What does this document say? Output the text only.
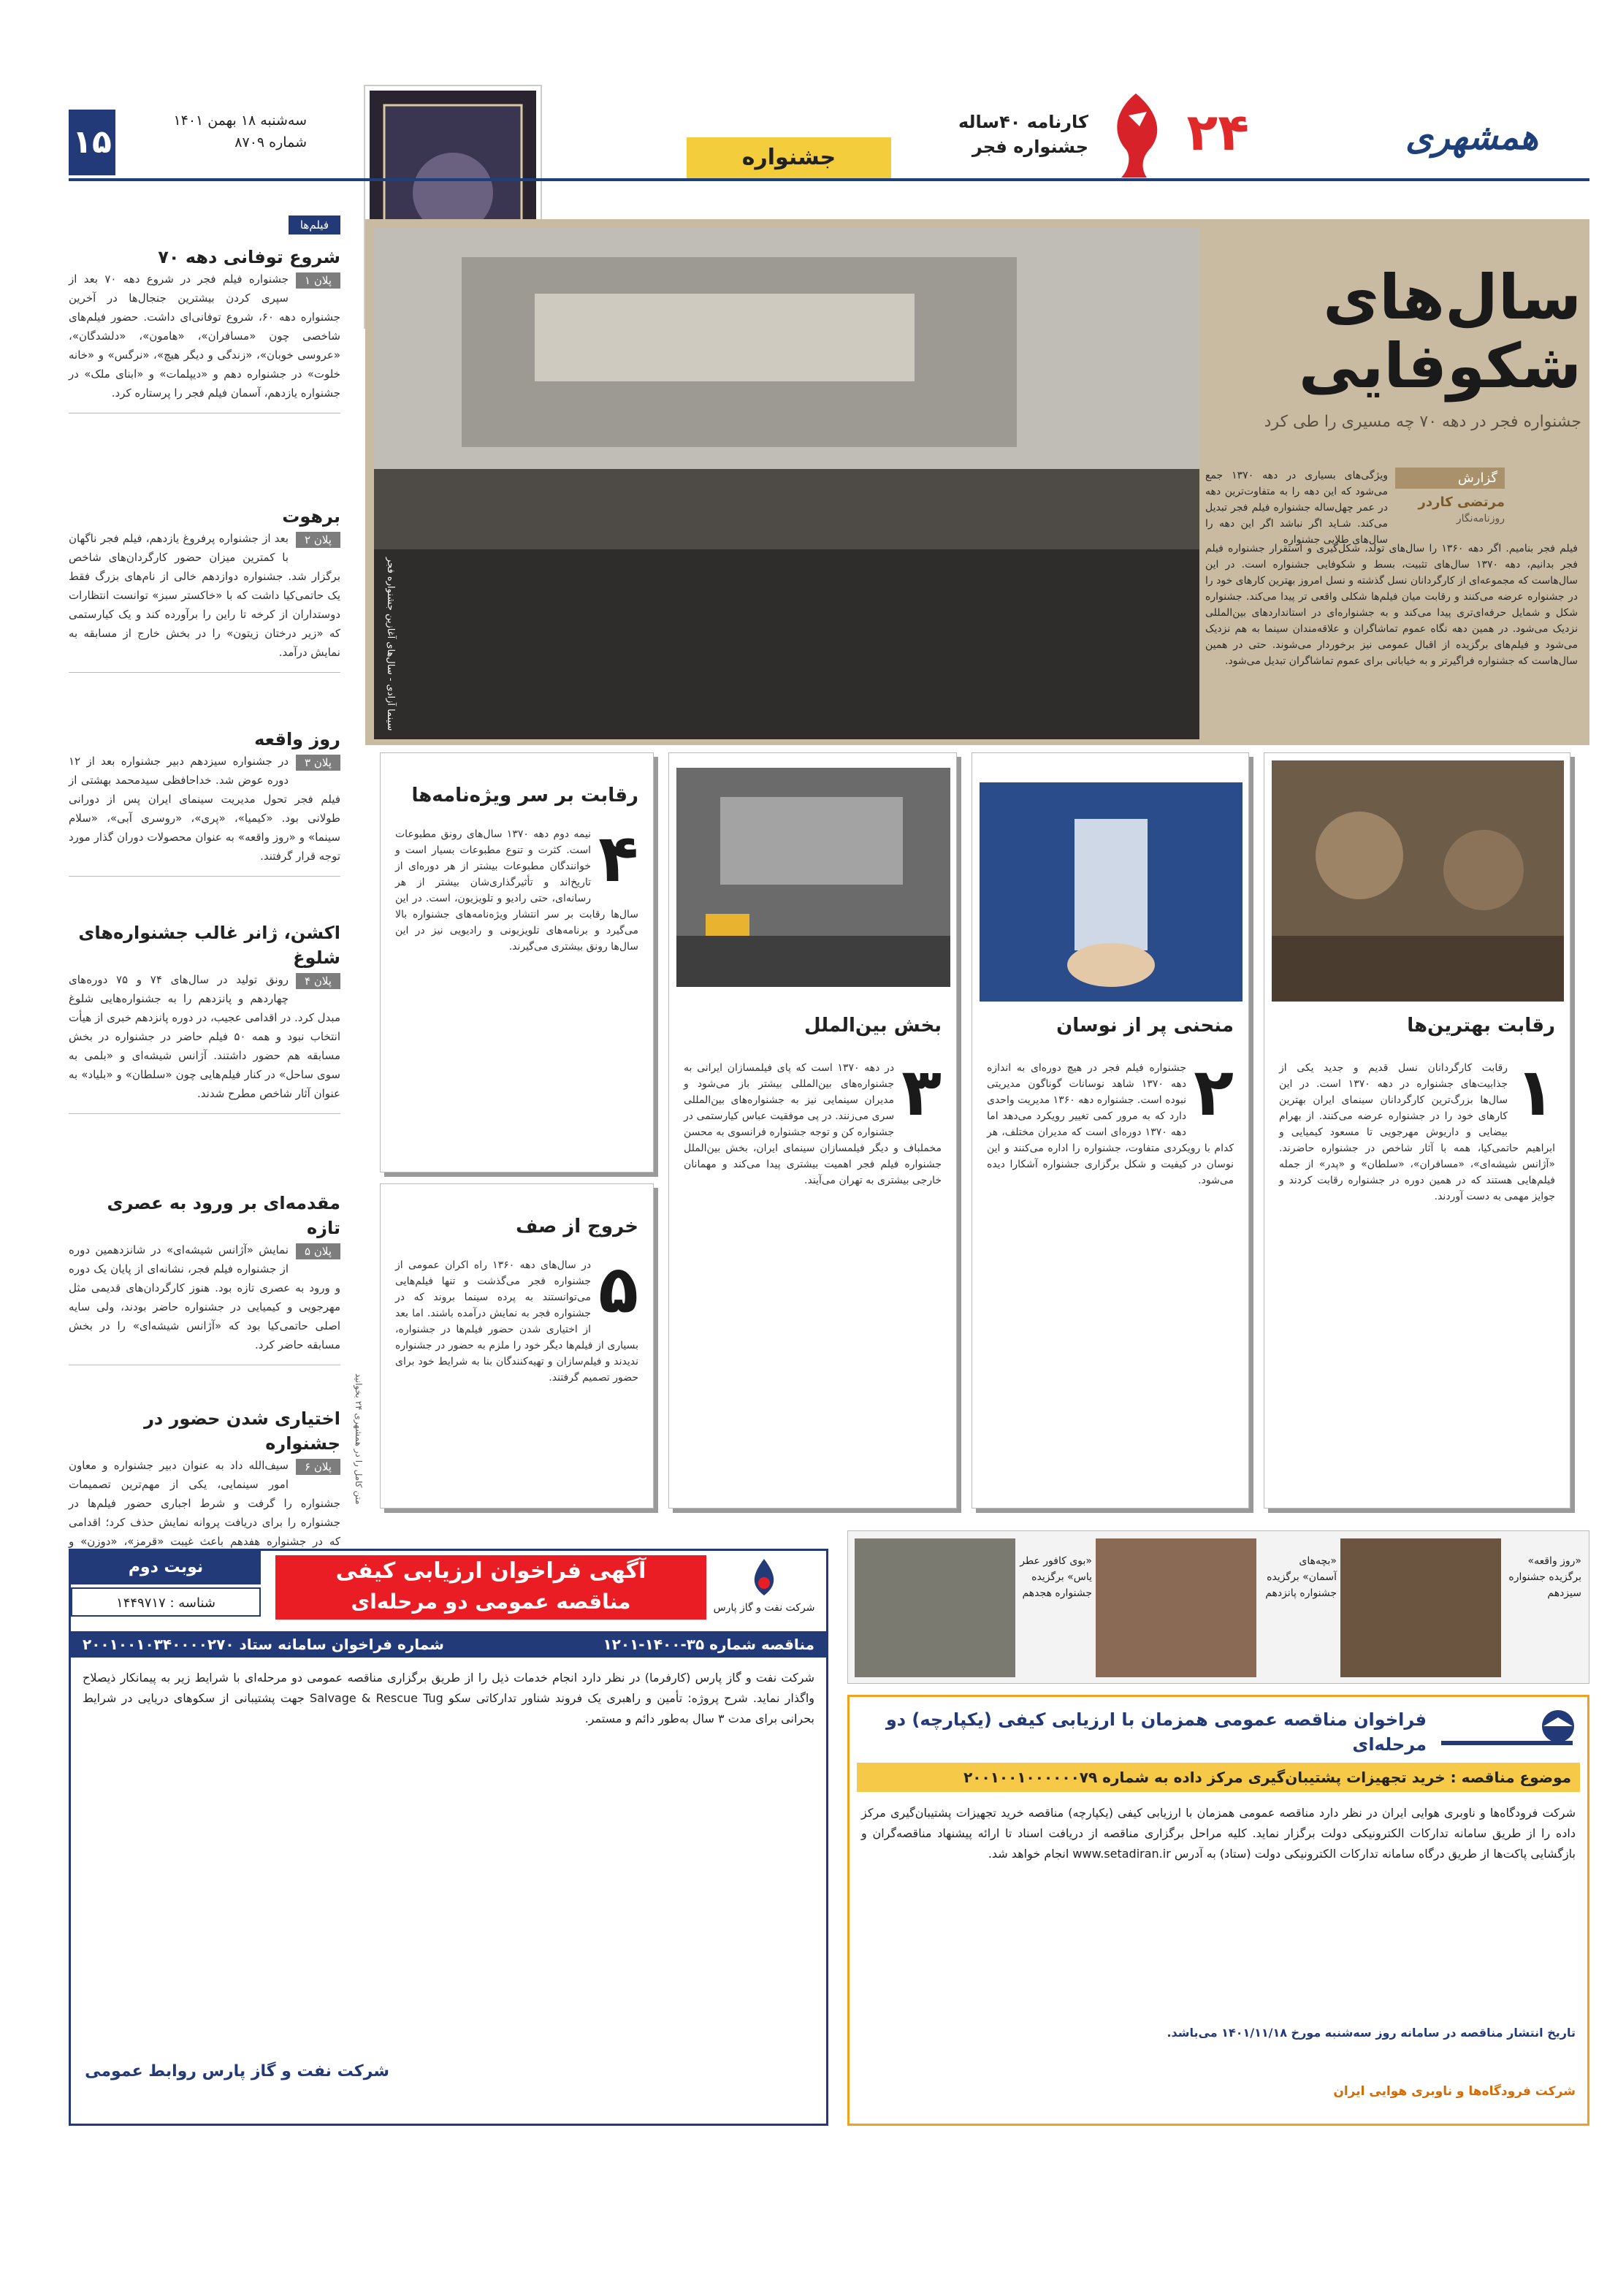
همشهری
۲۴
کارنامه ۴۰ساله
جشنواره فجر
جشنواره
سه‌شنبه ۱۸ بهمن ۱۴۰۱
شماره ۸۷۰۹
۱۵
فیلم‌ها
شروع توفانی دهه ۷۰
پلان ۱
جشنواره فیلم فجر در شروع دهه ۷۰ بعد از سپری کردن بیشترین جنجال‌ها در آخرین جشنواره دهه ۶۰، شروع توفانی‌ای داشت. حضور فیلم‌های شاخصی چون «مسافران»، «هامون»، «دلشدگان»، «عروسی خوبان»، «زندگی و دیگر هیچ»، «نرگس» و «خانه خلوت» در جشنواره دهم و «دیپلمات» و «ابنای ملک» در جشنواره یازدهم، آسمان فیلم فجر را پرستاره کرد.
برهوت
پلان ۲
بعد از جشنواره پرفروغ یازدهم، فیلم فجر ناگهان با کمترین میزان حضور کارگردان‌های شاخص برگزار شد. جشنواره دوازدهم خالی از نام‌های بزرگ فقط یک حاتمی‌کیا داشت که با «خاکستر سبز» توانست انتظارات دوستداران از کرخه تا راین را برآورده کند و یک کیارستمی که «زیر درختان زیتون» را در بخش خارج از مسابقه به نمایش درآمد.
روز واقعه
پلان ۳
در جشنواره سیزدهم دبیر جشنواره بعد از ۱۲ دوره عوض شد. خداحافظی سیدمحمد بهشتی از فیلم فجر تحول مدیریت سینمای ایران پس از دورانی طولانی بود. «کیمیا»، «پری»، «روسری آبی»، «سلام سینما» و «روز واقعه» به عنوان محصولات دوران گذار مورد توجه قرار گرفتند.
اکشن، ژانر غالب جشنواره‌های شلوغ
پلان ۴
رونق تولید در سال‌های ۷۴ و ۷۵ دوره‌های چهاردهم و پانزدهم را به جشنواره‌هایی شلوغ مبدل کرد. در اقدامی عجیب، در دوره پانزدهم خبری از هیأت انتخاب نبود و همه ۵۰ فیلم حاضر در جشنواره در بخش مسابقه هم حضور داشتند. آژانس شیشه‌ای و «بلمی به سوی ساحل» در کنار فیلم‌هایی چون «سلطان» و «بلیاد» به عنوان آثار شاخص مطرح شدند.
مقدمه‌ای بر ورود به عصری تازه
پلان ۵
نمایش «آژانس شیشه‌ای» در شانزدهمین دوره از جشنواره فیلم فجر، نشانه‌ای از پایان یک دوره و ورود به عصری تازه بود. هنوز کارگردان‌های قدیمی مثل مهرجویی و کیمیایی در جشنواره حاضر بودند، ولی سایه اصلی حاتمی‌کیا بود که «آژانس شیشه‌ای» را در بخش مسابقه حاضر کرد.
اختیاری شدن حضور در جشنواره
پلان ۶
سیف‌الله داد به عنوان دبیر جشنواره و معاون امور سینمایی، یکی از مهم‌ترین تصمیمات جشنواره را گرفت و شرط اجباری حضور فیلم‌ها در جشنواره را برای دریافت پروانه نمایش حذف کرد؛ اقدامی که در جشنواره هفدهم باعث غیبت «قرمز»، «دوزن» و
سینما آزادی - سال‌های آغازین جشنواره فجر
سال‌های
شکوفایی
جشنواره فجر در دهه ۷۰ چه مسیری را طی کرد
گزارش
مرتضی کاردر
روزنامه‌نگار
ویژگی‌های بسیاری در دهه ۱۳۷۰ جمع می‌شود که این دهه را به متفاوت‌ترین دهه در عمر چهل‌ساله جشنواره فیلم فجر تبدیل می‌کند. شـاید اگر نباشد اگر این دهه را سال‌های طلایی جشنواره
فیلم فجر بنامیم. اگر دهه ۱۳۶۰ را سال‌های تولد، شکل‌گیری و استقرار جشنواره فیلم فجر بدانیم، دهه ۱۳۷۰ سال‌های تثبیت، بسط و شکوفایی جشنواره است. در این سال‌هاست که مجموعه‌ای از کارگردانان نسل گذشته و نسل امروز بهترین کارهای خود را در جشنواره عرضه می‌کنند و رقابت میان فیلم‌ها شکلی واقعی تر پیدا می‌کند. جشنواره شکل و شمایل حرفه‌ای‌تری پیدا می‌کند و به جشنواره‌ای در استانداردهای بین‌المللی نزدیک می‌شود. در همین دهه نگاه عموم تماشاگران و علاقه‌مندان سینما به هم نزدیک می‌شود و فیلم‌های برگزیده از اقبال عمومی نیز برخوردار می‌شوند. حتی در همین سال‌هاست که جشنواره فراگیرتر و به خیابانی برای عموم تماشاگران تبدیل می‌شود.
رقابت بهترین‌ها
۱
رقابت کارگردانان نسل قدیم و جدید یکی از جذابیت‌های جشنواره در دهه ۱۳۷۰ است. در این سال‌ها بزرگ‌ترین کارگردانان سینمای ایران بهترین کارهای خود را در جشنواره عرضه می‌کنند. از بهرام بیضایی و داریوش مهرجویی تا مسعود کیمیایی و ابراهیم حاتمی‌کیا، همه با آثار شاخص در جشنواره حاضرند. «آژانس شیشه‌ای»، «مسافران»، «سلطان» و «پدر» از جمله فیلم‌هایی هستند که در همین دوره در جشنواره رقابت کردند و جوایز مهمی به دست آوردند.
منحنی پر از نوسان
۲
جشنواره فیلم فجر در هیچ دوره‌ای به اندازه دهه ۱۳۷۰ شاهد نوسانات گوناگون مدیریتی نبوده است. جشنواره دهه ۱۳۶۰ مدیریت واحدی دارد که به مرور کمی تغییر رویکرد می‌دهد اما دهه ۱۳۷۰ دوره‌ای است که مدیران مختلف، هر کدام با رویکردی متفاوت، جشنواره را اداره می‌کنند و این نوسان در کیفیت و شکل برگزاری جشنواره آشکارا دیده می‌شود.
بخش بین‌الملل
۳
در دهه ۱۳۷۰ است که پای فیلمسازان ایرانی به جشنواره‌های بین‌المللی بیشتر باز می‌شود و مدیران سینمایی نیز به جشنواره‌های بین‌المللی سری می‌زنند. در پی موفقیت عباس کیارستمی در جشنواره کن و توجه جشنواره فرانسوی به محسن مخملباف و دیگر فیلمسازان سینمای ایران، بخش بین‌الملل جشنواره فیلم فجر اهمیت بیشتری پیدا می‌کند و مهمانان خارجی بیشتری به تهران می‌آیند.
رقابت بر سر ویژه‌نامه‌ها
۴
نیمه دوم دهه ۱۳۷۰ سال‌های رونق مطبوعات است. کثرت و تنوع مطبوعات بسیار است و خوانندگان مطبوعات بیشتر از هر دوره‌ای از تاریخ‌اند و تأثیرگذاری‌شان بیشتر از هر رسانه‌ای، حتی رادیو و تلویزیون، است. در این سال‌ها رقابت بر سر انتشار ویژه‌نامه‌های جشنواره بالا می‌گیرد و برنامه‌های تلویزیونی و رادیویی نیز در این سال‌ها رونق بیشتری می‌گیرند.
خروج از صف
۵
در سال‌های دهه ۱۳۶۰ راه اکران عمومی از جشنواره فجر می‌گذشت و تنها فیلم‌هایی می‌توانستند به پرده سینما بروند که در جشنواره فجر به نمایش درآمده باشند. اما بعد از اختیاری شدن حضور فیلم‌ها در جشنواره، بسیاری از فیلم‌ها دیگر خود را ملزم به حضور در جشنواره ندیدند و فیلم‌سازان و تهیه‌کنندگان بنا به شرایط خود برای حضور تصمیم گرفتند.
متن کامل را در همشهری ۲۴ بخوانید
«روز واقعه» برگزیده جشنواره سیزدهم
«بچه‌های آسمان» برگزیده جشنواره پانزدهم
«بوی کافور عطر یاس» برگزیده جشنواره هجدهم
نوبت دوم
شناسه : ۱۴۴۹۷۱۷
آگهی فراخوان ارزیابی کیفی
مناقصه عمومی دو مرحله‌ای	شرکت نفت و گاز پارس
مناقصه شماره ۳۵-۱۴۰۰-۱۲۰۱
شماره فراخوان سامانه ستاد ۲۰۰۱۰۰۱۰۳۴۰۰۰۰۲۷۰
شرکت نفت و گاز پارس (کارفرما) در نظر دارد انجام خدمات ذیل را از طریق برگزاری مناقصه عمومی دو مرحله‌ای با شرایط زیر به پیمانکار ذیصلاح واگذار نماید. شرح پروژه: تأمین و راهبری یک فروند شناور تدارکاتی سکو Salvage & Rescue Tug جهت پشتیبانی از سکوهای دریایی در شرایط بحرانی برای مدت ۳ سال به‌طور دائم و مستمر.
شرکت نفت و گاز پارس روابط عمومی
فراخوان مناقصه عمومی همزمان با ارزیابی کیفی (یکپارچه) دو مرحله‌ای
موضوع مناقصه : خرید تجهیزات پشتیبان‌گیری مرکز داده به شماره ۲۰۰۱۰۰۱۰۰۰۰۰۰۷۹
شرکت فرودگاه‌ها و ناوبری هوایی ایران در نظر دارد مناقصه عمومی همزمان با ارزیابی کیفی (یکپارچه) مناقصه خرید تجهیزات پشتیبان‌گیری مرکز داده را از طریق سامانه تدارکات الکترونیکی دولت برگزار نماید. کلیه مراحل برگزاری مناقصه از دریافت اسناد تا ارائه پیشنهاد مناقصه‌گران و بازگشایی پاکت‌ها از طریق درگاه سامانه تدارکات الکترونیکی دولت (ستاد) به آدرس www.setadiran.ir انجام خواهد شد.
تاریخ انتشار مناقصه در سامانه روز سه‌شنبه مورخ ۱۴۰۱/۱۱/۱۸ می‌باشد.
شرکت فرودگاه‌ها و ناوبری هوایی ایران
